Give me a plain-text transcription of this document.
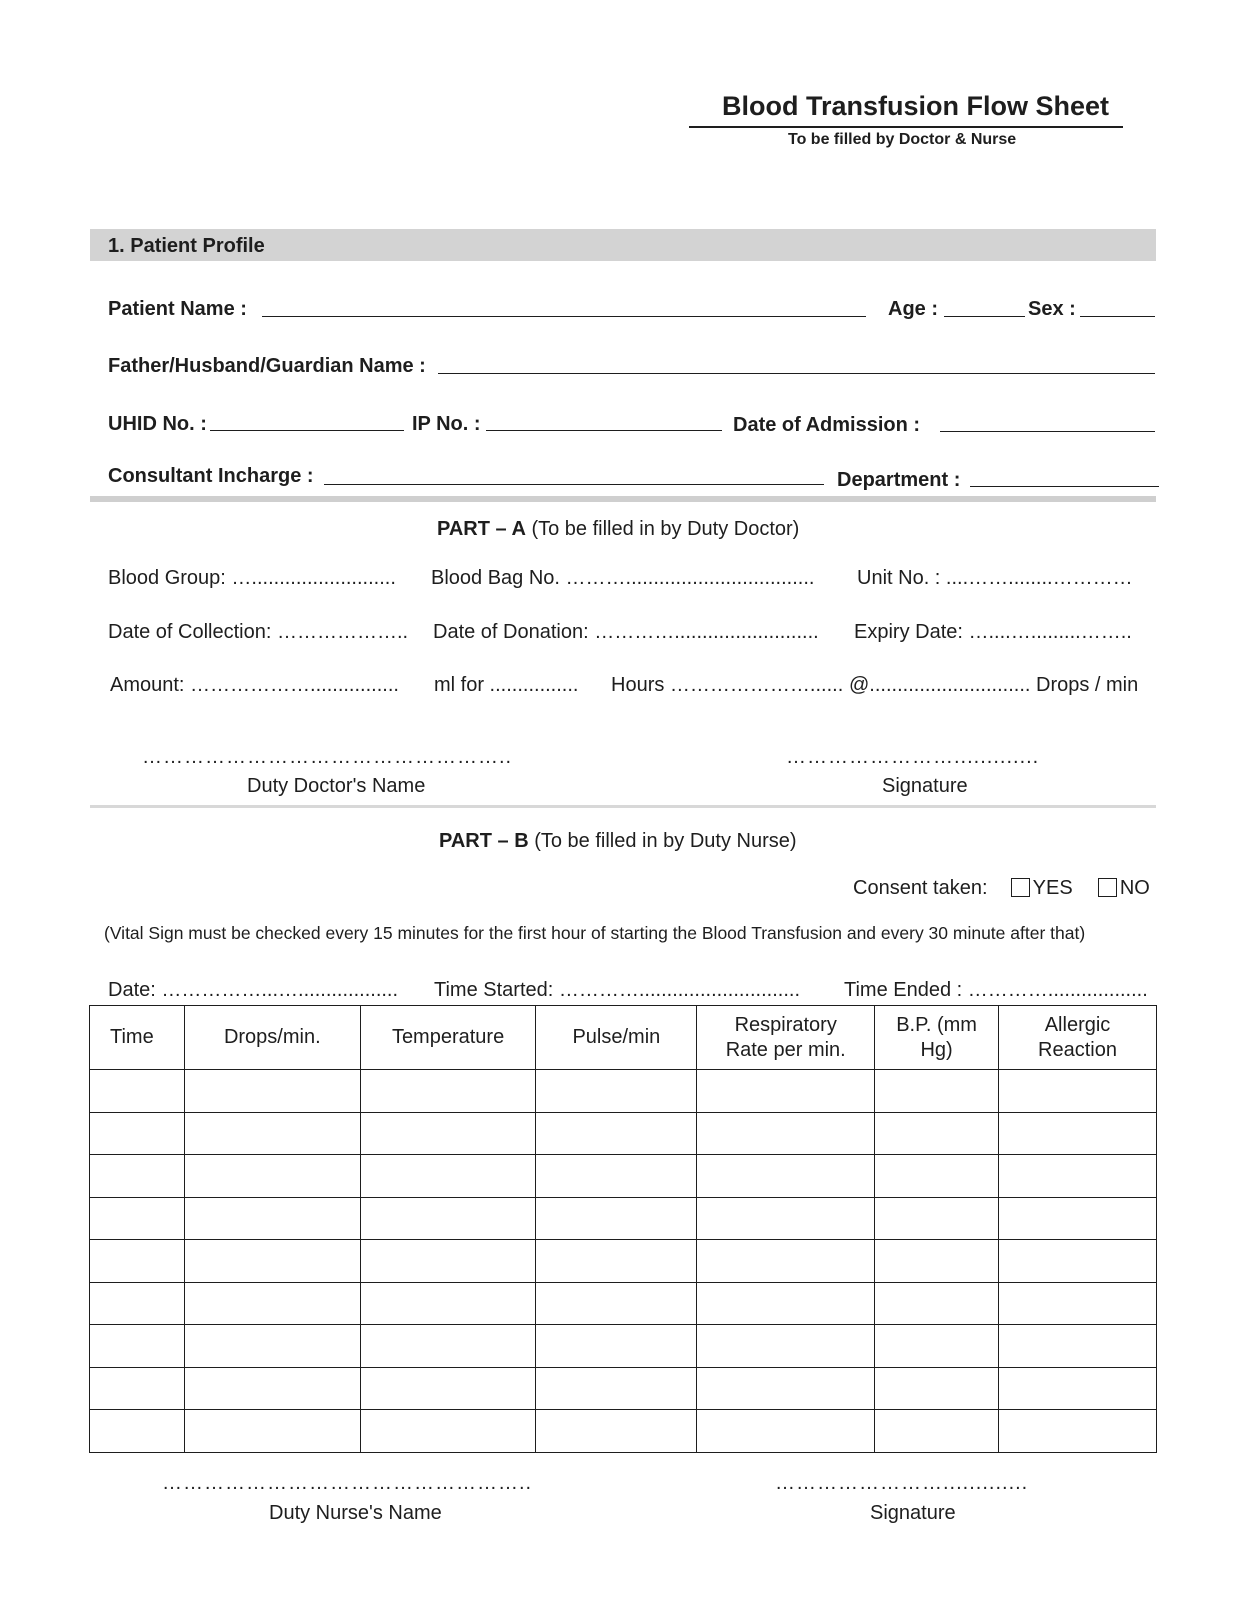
Blood Transfusion Flow Sheet
To be filled by Doctor & Nurse
1. Patient Profile
Patient Name :	Age :	Sex :
Father/Husband/Guardian Name :
UHID No. :	IP No. :	Date of Admission :
Consultant Incharge :	Department :
PART – A (To be filled in by Duty Doctor)
Blood Group: ….......................... Blood Bag No. ……….................................. Unit No. : ....……........…………
Date of Collection: ……………….. Date of Donation: ………….......................... Expiry Date: …....….........……..
Amount: ………………................ ml for ................ Hours …………………...... @............................. Drops / min
……………………………………………..
Duty Doctor's Name
…………………….............
Signature
PART – B (To be filled in by Duty Nurse)
Consent taken: YES NO
(Vital Sign must be checked every 15 minutes for the first hour of starting the Blood Transfusion and every 30 minute after that)
Date: ……………...….................. Time Started: …………............................. Time Ended : …………..................
Time	Drops/min.	Temperature	Pulse/min	Respiratory Rate per min.	B.P. (mm Hg)	Allergic Reaction

……………………………………………..
Duty Nurse's Name
…………………….............
Signature
